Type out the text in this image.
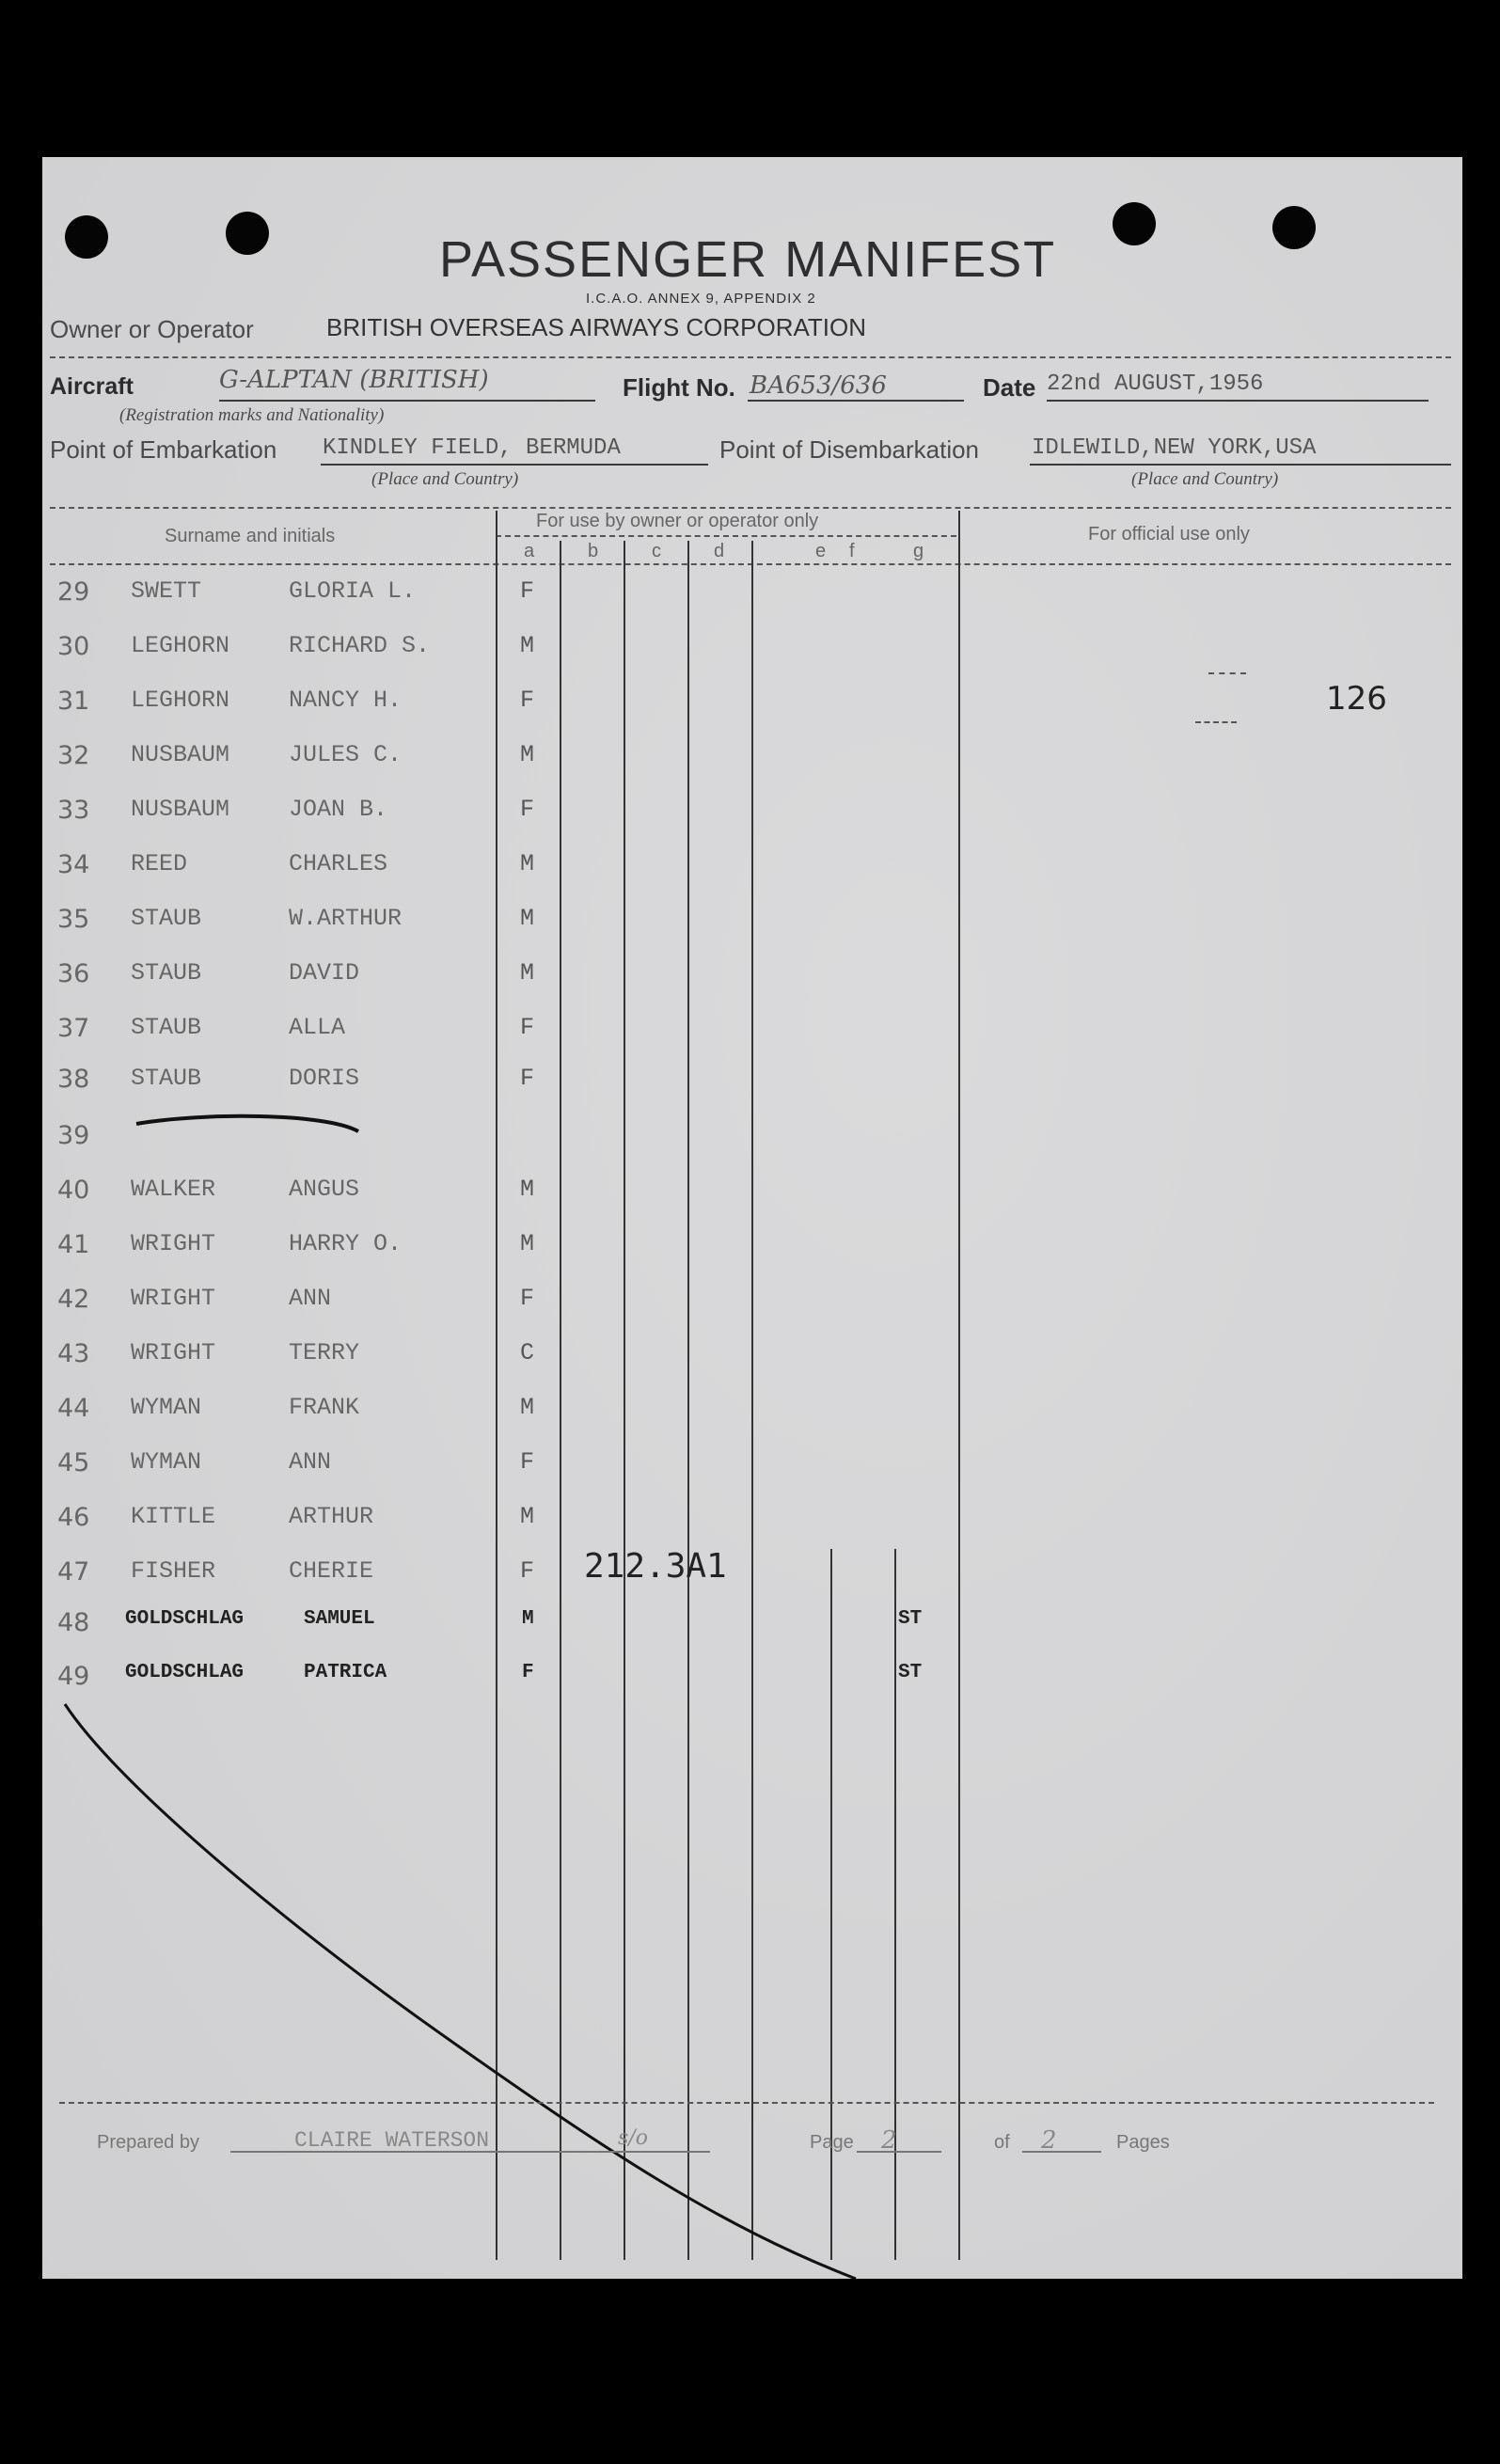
PASSENGER MANIFEST
I.C.A.O. ANNEX 9, APPENDIX 2
Owner or Operator	BRITISH OVERSEAS AIRWAYS CORPORATION
Aircraft	G-ALPTAN (BRITISH)
(Registration marks and Nationality)
Flight No. BA653/636	Date 22nd AUGUST,1956
Point of Embarkation KINDLEY FIELD, BERMUDA
(Place and Country)
Point of Disembarkation IDLEWILD,NEW YORK,USA
(Place and Country)
Surname and initials
For use by owner or operator only
For official use only
a	b	c	d	e f	g
29 SWETT	GLORIA L.	F
30 LEGHORN	RICHARD S.	M
31 LEGHORN	NANCY H.	F
32 NUSBAUM	JULES C.	M
33 NUSBAUM	JOAN B.	F
34 REED	CHARLES	M
35 STAUB	W.ARTHUR	M
36 STAUB	DAVID	M
37 STAUB	ALLA	F
38 STAUB	DORIS	F
39
40 WALKER	ANGUS	M
41 WRIGHT	HARRY O.	M
42 WRIGHT	ANN	F
43 WRIGHT	TERRY	C
44 WYMAN	FRANK	M
45 WYMAN	ANN	F
46 KITTLE	ARTHUR	M
47 FISHER	CHERIE	F
48 GOLDSCHLAG	SAMUEL	M	ST
49 GOLDSCHLAG	PATRICA	F	ST
126
212.3A1
Prepared by	CLAIRE WATERSON	s/o	Page 2	of 2	Pages
